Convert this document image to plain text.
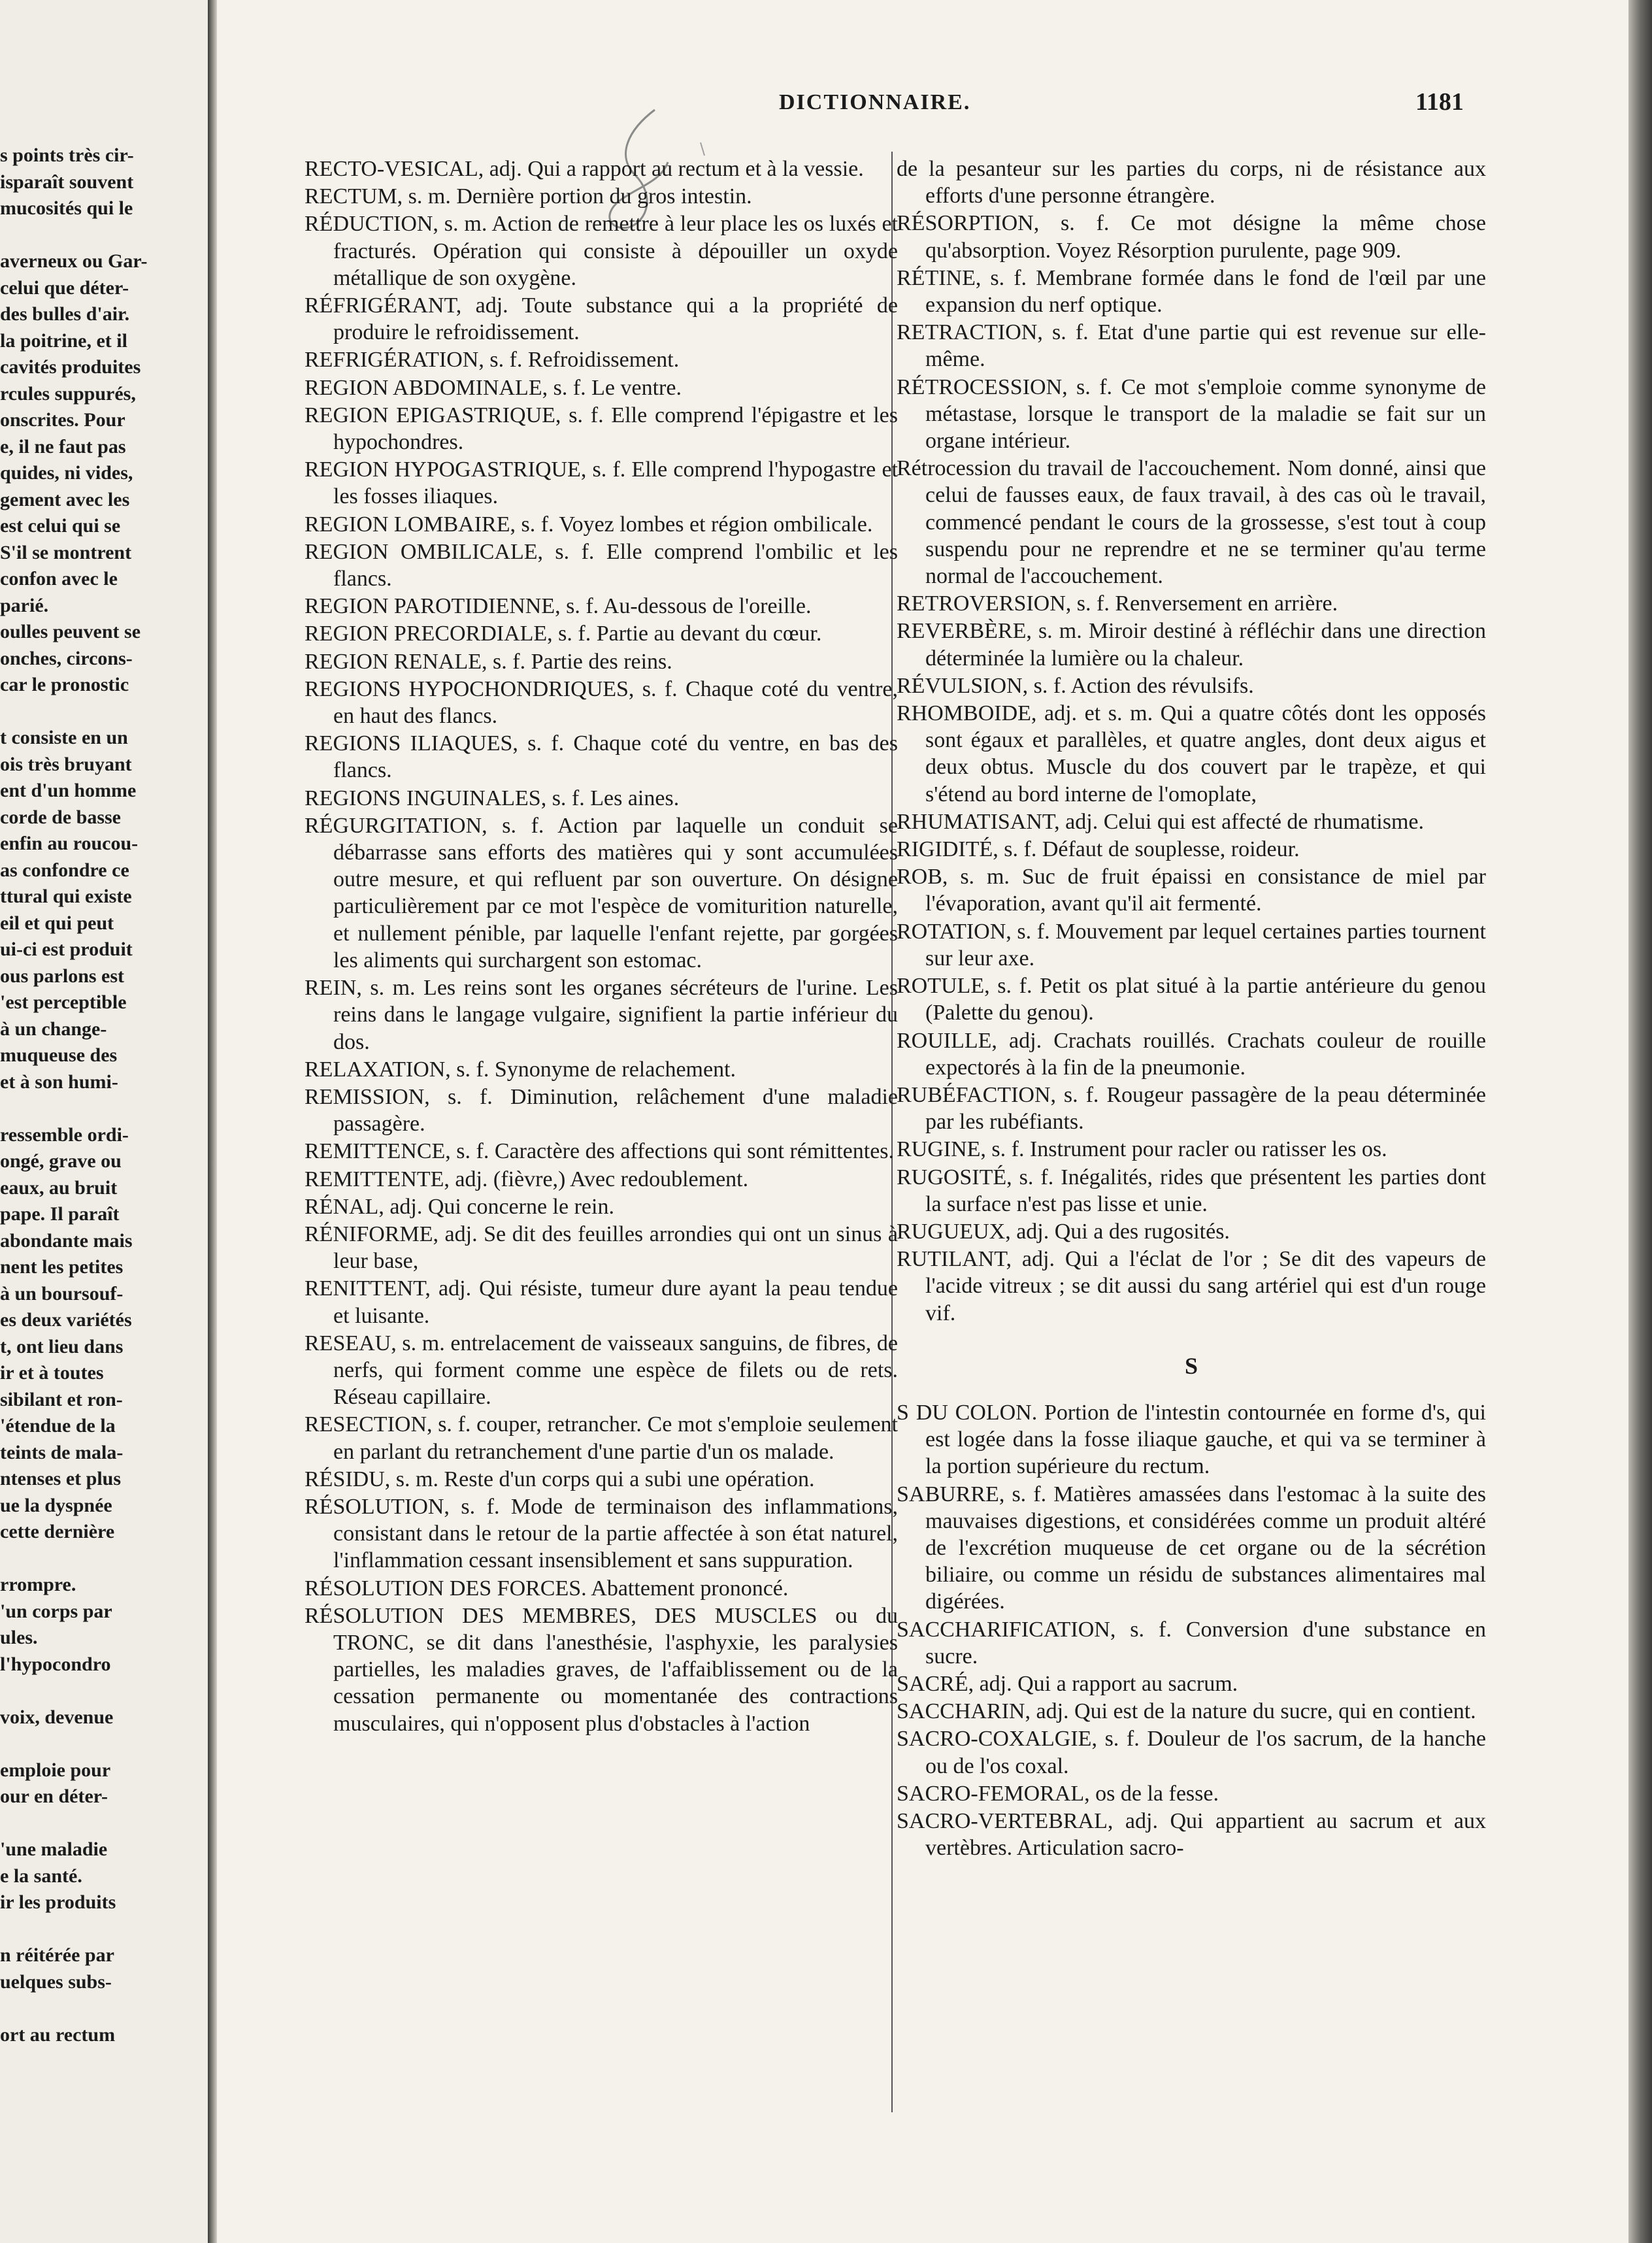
s points très cir-
isparaît souvent
mucosités qui le
averneux ou Gar-
celui que déter-
des bulles d'air.
la poitrine, et il
cavités produites
rcules suppurés,
onscrites. Pour
e, il ne faut pas
quides, ni vides,
gement avec les
est celui qui se
S'il se montrent
confon avec le
parié.
oulles peuvent se
onches, circons-
car le pronostic
t consiste en un
ois très bruyant
ent d'un homme
corde de basse
enfin au roucou-
as confondre ce
ttural qui existe
eil et qui peut
ui-ci est produit
ous parlons est
'est perceptible
à un change-
muqueuse des
et à son humi-
ressemble ordi-
ongé, grave ou
eaux, au bruit
pape. Il paraît
abondante mais
nent les petites
à un boursouf-
es deux variétés
t, ont lieu dans
ir et à toutes
sibilant et ron-
'étendue de la
teints de mala-
ntenses et plus
ue la dyspnée
cette dernière
rrompre.
'un corps par
ules.
l'hypocondro
voix, devenue
emploie pour
our en déter-
'une maladie
e la santé.
ir les produits
n réitérée par
uelques subs-
ort au rectum
DICTIONNAIRE.	1181
RECTO-VESICAL, adj. Qui a rapport au rectum et à la vessie.
RECTUM, s. m. Dernière portion du gros intestin.
RÉDUCTION, s. m. Action de remettre à leur place les os luxés et fracturés. Opération qui consiste à dépouiller un oxyde métallique de son oxygène.
RÉFRIGÉRANT, adj. Toute substance qui a la propriété de produire le refroidissement.
REFRIGÉRATION, s. f. Refroidissement.
REGION ABDOMINALE, s. f. Le ventre.
REGION EPIGASTRIQUE, s. f. Elle comprend l'épigastre et les hypochondres.
REGION HYPOGASTRIQUE, s. f. Elle comprend l'hypogastre et les fosses iliaques.
REGION LOMBAIRE, s. f. Voyez lombes et région ombilicale.
REGION OMBILICALE, s. f. Elle comprend l'ombilic et les flancs.
REGION PAROTIDIENNE, s. f. Au-dessous de l'oreille.
REGION PRECORDIALE, s. f. Partie au devant du cœur.
REGION RENALE, s. f. Partie des reins.
REGIONS HYPOCHONDRIQUES, s. f. Chaque coté du ventre, en haut des flancs.
REGIONS ILIAQUES, s. f. Chaque coté du ventre, en bas des flancs.
REGIONS INGUINALES, s. f. Les aines.
RÉGURGITATION, s. f. Action par laquelle un conduit se débarrasse sans efforts des matières qui y sont accumulées outre mesure, et qui refluent par son ouverture. On désigne particulièrement par ce mot l'espèce de vomiturition naturelle, et nullement pénible, par laquelle l'enfant rejette, par gorgées les aliments qui surchargent son estomac.
REIN, s. m. Les reins sont les organes sécréteurs de l'urine. Les reins dans le langage vulgaire, signifient la partie inférieur du dos.
RELAXATION, s. f. Synonyme de relachement.
REMISSION, s. f. Diminution, relâchement d'une maladie passagère.
REMITTENCE, s. f. Caractère des affections qui sont rémittentes.
REMITTENTE, adj. (fièvre,) Avec redoublement.
RÉNAL, adj. Qui concerne le rein.
RÉNIFORME, adj. Se dit des feuilles arrondies qui ont un sinus à leur base,
RENITTENT, adj. Qui résiste, tumeur dure ayant la peau tendue et luisante.
RESEAU, s. m. entrelacement de vaisseaux sanguins, de fibres, de nerfs, qui forment comme une espèce de filets ou de rets. Réseau capillaire.
RESECTION, s. f. couper, retrancher. Ce mot s'emploie seulement en parlant du retranchement d'une partie d'un os malade.
RÉSIDU, s. m. Reste d'un corps qui a subi une opération.
RÉSOLUTION, s. f. Mode de terminaison des inflammations, consistant dans le retour de la partie affectée à son état naturel, l'inflammation cessant insensiblement et sans suppuration.
RÉSOLUTION DES FORCES. Abattement prononcé.
RÉSOLUTION DES MEMBRES, DES MUSCLES ou du TRONC, se dit dans l'anesthésie, l'asphyxie, les paralysies partielles, les maladies graves, de l'affaiblissement ou de la cessation permanente ou momentanée des contractions musculaires, qui n'opposent plus d'obstacles à l'action
de la pesanteur sur les parties du corps, ni de résistance aux efforts d'une personne étrangère.
RÉSORPTION, s. f. Ce mot désigne la même chose qu'absorption. Voyez Résorption purulente, page 909.
RÉTINE, s. f. Membrane formée dans le fond de l'œil par une expansion du nerf optique.
RETRACTION, s. f. Etat d'une partie qui est revenue sur elle-même.
RÉTROCESSION, s. f. Ce mot s'emploie comme synonyme de métastase, lorsque le transport de la maladie se fait sur un organe intérieur.
Rétrocession du travail de l'accouchement. Nom donné, ainsi que celui de fausses eaux, de faux travail, à des cas où le travail, commencé pendant le cours de la grossesse, s'est tout à coup suspendu pour ne reprendre et ne se terminer qu'au terme normal de l'accouchement.
RETROVERSION, s. f. Renversement en arrière.
REVERBÈRE, s. m. Miroir destiné à réfléchir dans une direction déterminée la lumière ou la chaleur.
RÉVULSION, s. f. Action des révulsifs.
RHOMBOIDE, adj. et s. m. Qui a quatre côtés dont les opposés sont égaux et parallèles, et quatre angles, dont deux aigus et deux obtus. Muscle du dos couvert par le trapèze, et qui s'étend au bord interne de l'omoplate,
RHUMATISANT, adj. Celui qui est affecté de rhumatisme.
RIGIDITÉ, s. f. Défaut de souplesse, roideur.
ROB, s. m. Suc de fruit épaissi en consistance de miel par l'évaporation, avant qu'il ait fermenté.
ROTATION, s. f. Mouvement par lequel certaines parties tournent sur leur axe.
ROTULE, s. f. Petit os plat situé à la partie antérieure du genou (Palette du genou).
ROUILLE, adj. Crachats rouillés. Crachats couleur de rouille expectorés à la fin de la pneumonie.
RUBÉFACTION, s. f. Rougeur passagère de la peau déterminée par les rubéfiants.
RUGINE, s. f. Instrument pour racler ou ratisser les os.
RUGOSITÉ, s. f. Inégalités, rides que présentent les parties dont la surface n'est pas lisse et unie.
RUGUEUX, adj. Qui a des rugosités.
RUTILANT, adj. Qui a l'éclat de l'or ; Se dit des vapeurs de l'acide vitreux ; se dit aussi du sang artériel qui est d'un rouge vif.
S
S DU COLON. Portion de l'intestin contournée en forme d's, qui est logée dans la fosse iliaque gauche, et qui va se terminer à la portion supérieure du rectum.
SABURRE, s. f. Matières amassées dans l'estomac à la suite des mauvaises digestions, et considérées comme un produit altéré de l'excrétion muqueuse de cet organe ou de la sécrétion biliaire, ou comme un résidu de substances alimentaires mal digérées.
SACCHARIFICATION, s. f. Conversion d'une substance en sucre.
SACRÉ, adj. Qui a rapport au sacrum.
SACCHARIN, adj. Qui est de la nature du sucre, qui en contient.
SACRO-COXALGIE, s. f. Douleur de l'os sacrum, de la hanche ou de l'os coxal.
SACRO-FEMORAL, os de la fesse.
SACRO-VERTEBRAL, adj. Qui appartient au sacrum et aux vertèbres. Articulation sacro-
